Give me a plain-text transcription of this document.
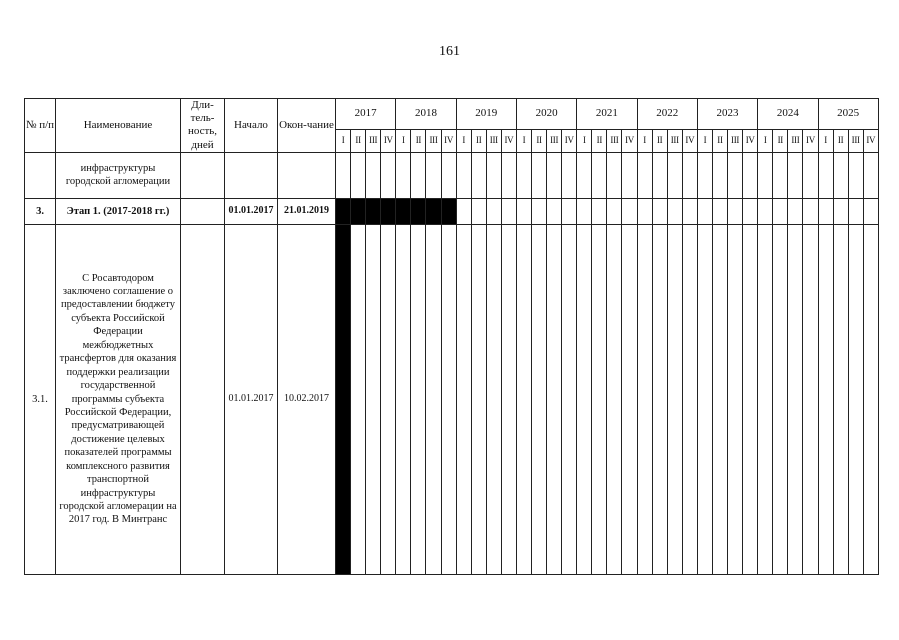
161
№ п/п	Наименование	Дли-тель-ность, дней	Начало	Окон-чание	2017				2018				2019				2020				2021				2022				2023				2024				2025			
					I	II	III	IV	I	II	III	IV	I	II	III	IV	I	II	III	IV	I	II	III	IV	I	II	III	IV	I	II	III	IV	I	II	III	IV	I	II	III	IV
	инфраструктуры городской агломерации																																							
3.	Этап 1. (2017-2018 гг.)		01.01.2017	21.01.2019																																				
3.1.	С Росавтодором заключено соглашение о предоставлении бюджету субъекта Российской Федерации межбюджетных трансфертов для оказания поддержки реализации государственной программы субъекта Российской Федерации, предусматривающей достижение целевых показателей программы комплексного развития транспортной инфраструктуры городской агломерации на 2017 год. В Минтранс		01.01.2017	10.02.2017																																				
